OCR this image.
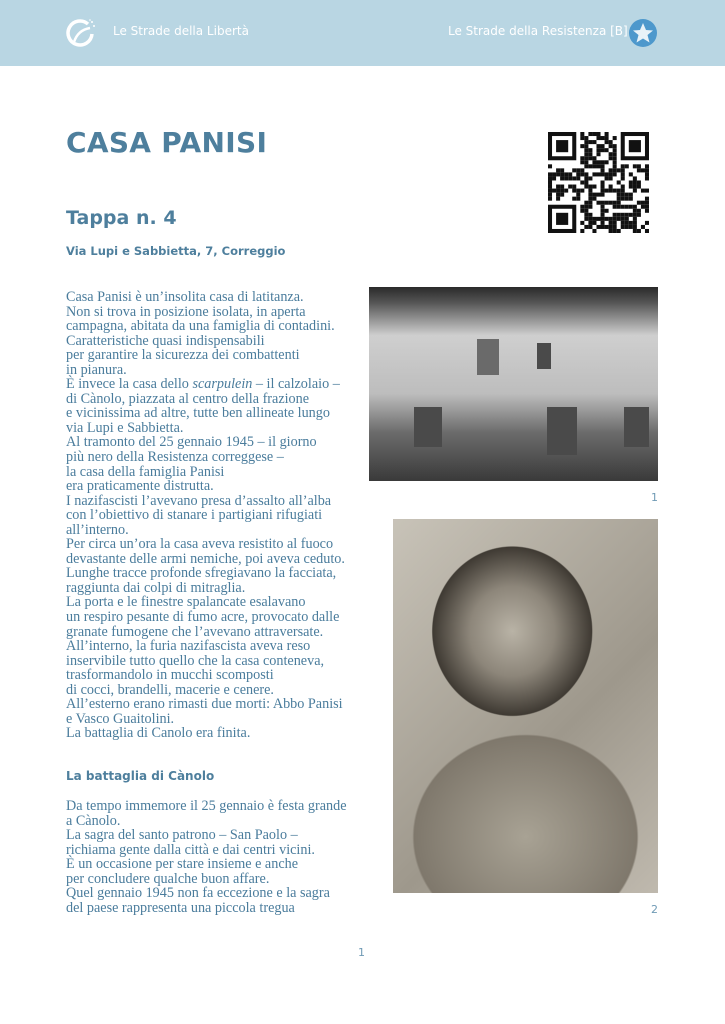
Le Strade della Libertà	Le Strade della Resistenza [B]
CASA PANISI
Tappa n. 4
Via Lupi e Sabbietta, 7, Correggio
Casa Panisi è un’insolita casa di latitanza.
Non si trova in posizione isolata, in aperta
campagna, abitata da una famiglia di contadini.
Caratteristiche quasi indispensabili
per garantire la sicurezza dei combattenti
in pianura.
È invece la casa dello scarpulein – il calzolaio –
di Cànolo, piazzata al centro della frazione
e vicinissima ad altre, tutte ben allineate lungo
via Lupi e Sabbietta.
Al tramonto del 25 gennaio 1945 – il giorno
più nero della Resistenza correggese –
la casa della famiglia Panisi
era praticamente distrutta.
I nazifascisti l’avevano presa d’assalto all’alba
con l’obiettivo di stanare i partigiani rifugiati
all’interno.
Per circa un’ora la casa aveva resistito al fuoco
devastante delle armi nemiche, poi aveva ceduto.
Lunghe tracce profonde sfregiavano la facciata,
raggiunta dai colpi di mitraglia.
La porta e le finestre spalancate esalavano
un respiro pesante di fumo acre, provocato dalle
granate fumogene che l’avevano attraversate.
All’interno, la furia nazifascista aveva reso
inservibile tutto quello che la casa conteneva,
trasformandolo in mucchi scomposti
di cocci, brandelli, macerie e cenere.
All’esterno erano rimasti due morti: Abbo Panisi
e Vasco Guaitolini.
La battaglia di Canolo era finita.
La battaglia di Cànolo
Da tempo immemore il 25 gennaio è festa grande
a Cànolo.
La sagra del santo patrono – San Paolo –
richiama gente dalla città e dai centri vicini.
È un occasione per stare insieme e anche
per concludere qualche buon affare.
Quel gennaio 1945 non fa eccezione e la sagra
del paese rappresenta una piccola tregua
1
2
1
